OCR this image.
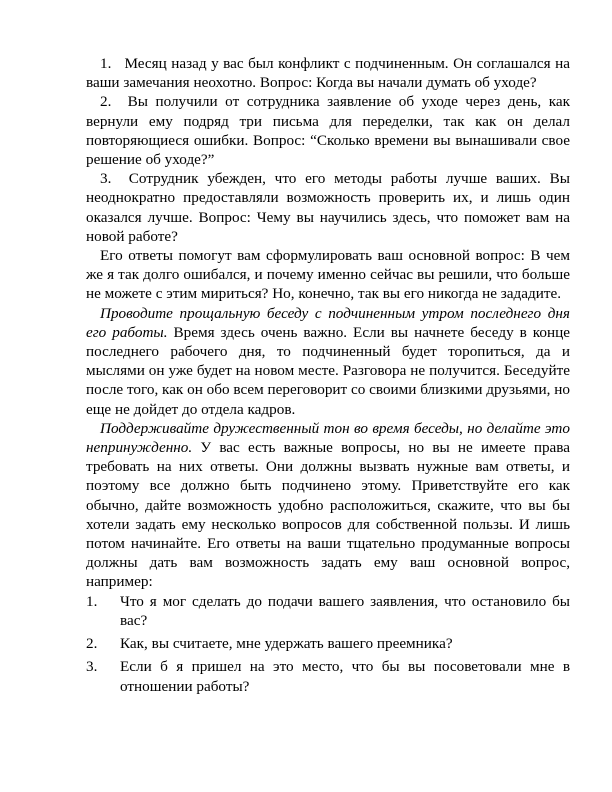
1. Месяц назад у вас был конфликт с подчиненным. Он соглашался на ваши замечания неохотно. Вопрос: Когда вы начали думать об уходе?

2. Вы получили от сотрудника заявление об уходе через день, как вернули ему подряд три письма для переделки, так как он делал повторяющиеся ошибки. Вопрос: “Сколько времени вы вынашивали свое решение об уходе?”

3. Сотрудник убежден, что его методы работы лучше ваших. Вы неоднократно предоставляли возможность проверить их, и лишь один оказался лучше. Вопрос: Чему вы научились здесь, что поможет вам на новой работе?

Его ответы помогут вам сформулировать ваш основной вопрос: В чем же я так долго ошибался, и почему именно сейчас вы решили, что больше не можете с этим мириться? Но, конечно, так вы его никогда не зададите.

Проводите прощальную беседу с подчиненным утром последнего дня его работы. Время здесь очень важно. Если вы начнете беседу в конце последнего рабочего дня, то подчиненный будет торопиться, да и мыслями он уже будет на новом месте. Разговора не получится. Беседуйте после того, как он обо всем переговорит со своими близкими друзьями, но еще не дойдет до отдела кадров.

Поддерживайте дружественный тон во время беседы, но делайте это непринужденно. У вас есть важные вопросы, но вы не имеете права требовать на них ответы. Они должны вызвать нужные вам ответы, и поэтому все должно быть подчинено этому. Приветствуйте его как обычно, дайте возможность удобно расположиться, скажите, что вы бы хотели задать ему несколько вопросов для собственной пользы. И лишь потом начинайте. Его ответы на ваши тщательно продуманные вопросы должны дать вам возможность задать ему ваш основной вопрос, например:

1.	Что я мог сделать до подачи вашего заявления, что остановило бы вас?
2.	Как, вы считаете, мне удержать вашего преемника?
3.	Если б я пришел на это место, что бы вы посоветовали мне в отношении работы?
